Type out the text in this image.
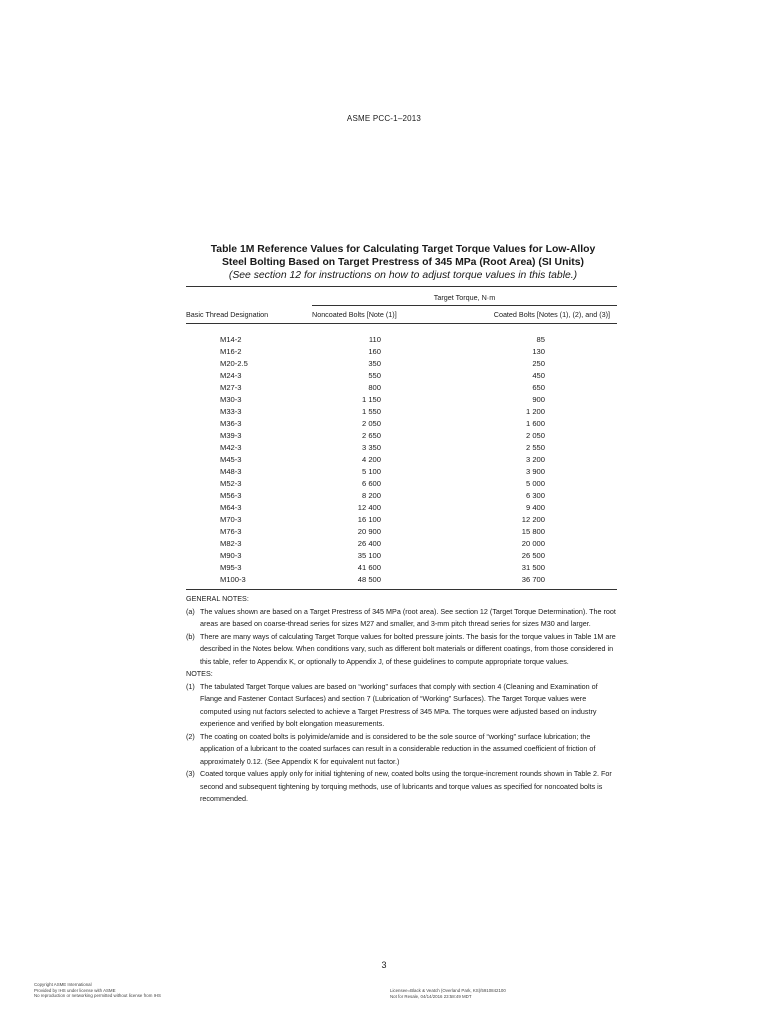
ASME PCC-1–2013
Table 1M Reference Values for Calculating Target Torque Values for Low-Alloy
Steel Bolting Based on Target Prestress of 345 MPa (Root Area) (SI Units)
(See section 12 for instructions on how to adjust torque values in this table.)
Target Torque, N·m
Basic Thread Designation	Noncoated Bolts [Note (1)]	Coated Bolts [Notes (1), (2), and (3)]
M14-2	110	85
M16-2	160	130
M20-2.5	350	250
M24-3	550	450
M27-3	800	650
M30-3	1 150	900
M33-3	1 550	1 200
M36-3	2 050	1 600
M39-3	2 650	2 050
M42-3	3 350	2 550
M45-3	4 200	3 200
M48-3	5 100	3 900
M52-3	6 600	5 000
M56-3	8 200	6 300
M64-3	12 400	9 400
M70-3	16 100	12 200
M76-3	20 900	15 800
M82-3	26 400	20 000
M90-3	35 100	26 500
M95-3	41 600	31 500
M100-3	48 500	36 700
GENERAL NOTES:
(a) The values shown are based on a Target Prestress of 345 MPa (root area). See section 12 (Target Torque Determination). The root areas are based on coarse-thread series for sizes M27 and smaller, and 3-mm pitch thread series for sizes M30 and larger.
(b) There are many ways of calculating Target Torque values for bolted pressure joints. The basis for the torque values in Table 1M are described in the Notes below. When conditions vary, such as different bolt materials or different coatings, from those considered in this table, refer to Appendix K, or optionally to Appendix J, of these guidelines to compute appropriate torque values.
NOTES:
(1) The tabulated Target Torque values are based on “working” surfaces that comply with section 4 (Cleaning and Examination of Flange and Fastener Contact Surfaces) and section 7 (Lubrication of “Working” Surfaces). The Target Torque values were computed using nut factors selected to achieve a Target Prestress of 345 MPa. The torques were adjusted based on industry experience and verified by bolt elongation measurements.
(2) The coating on coated bolts is polyimide/amide and is considered to be the sole source of “working” surface lubrication; the application of a lubricant to the coated surfaces can result in a considerable reduction in the assumed coefficient of friction of approximately 0.12. (See Appendix K for equivalent nut factor.)
(3) Coated torque values apply only for initial tightening of new, coated bolts using the torque-increment rounds shown in Table 2. For second and subsequent tightening by torquing methods, use of lubricants and torque values as specified for noncoated bolts is recommended.
3
Copyright ASME International
Provided by IHS under license with ASME
No reproduction or networking permitted without license from IHS
Licensee=Black & Veatch (Overland Park, KS)/5910842100
Not for Resale, 04/14/2016 23:58:49 MDT
